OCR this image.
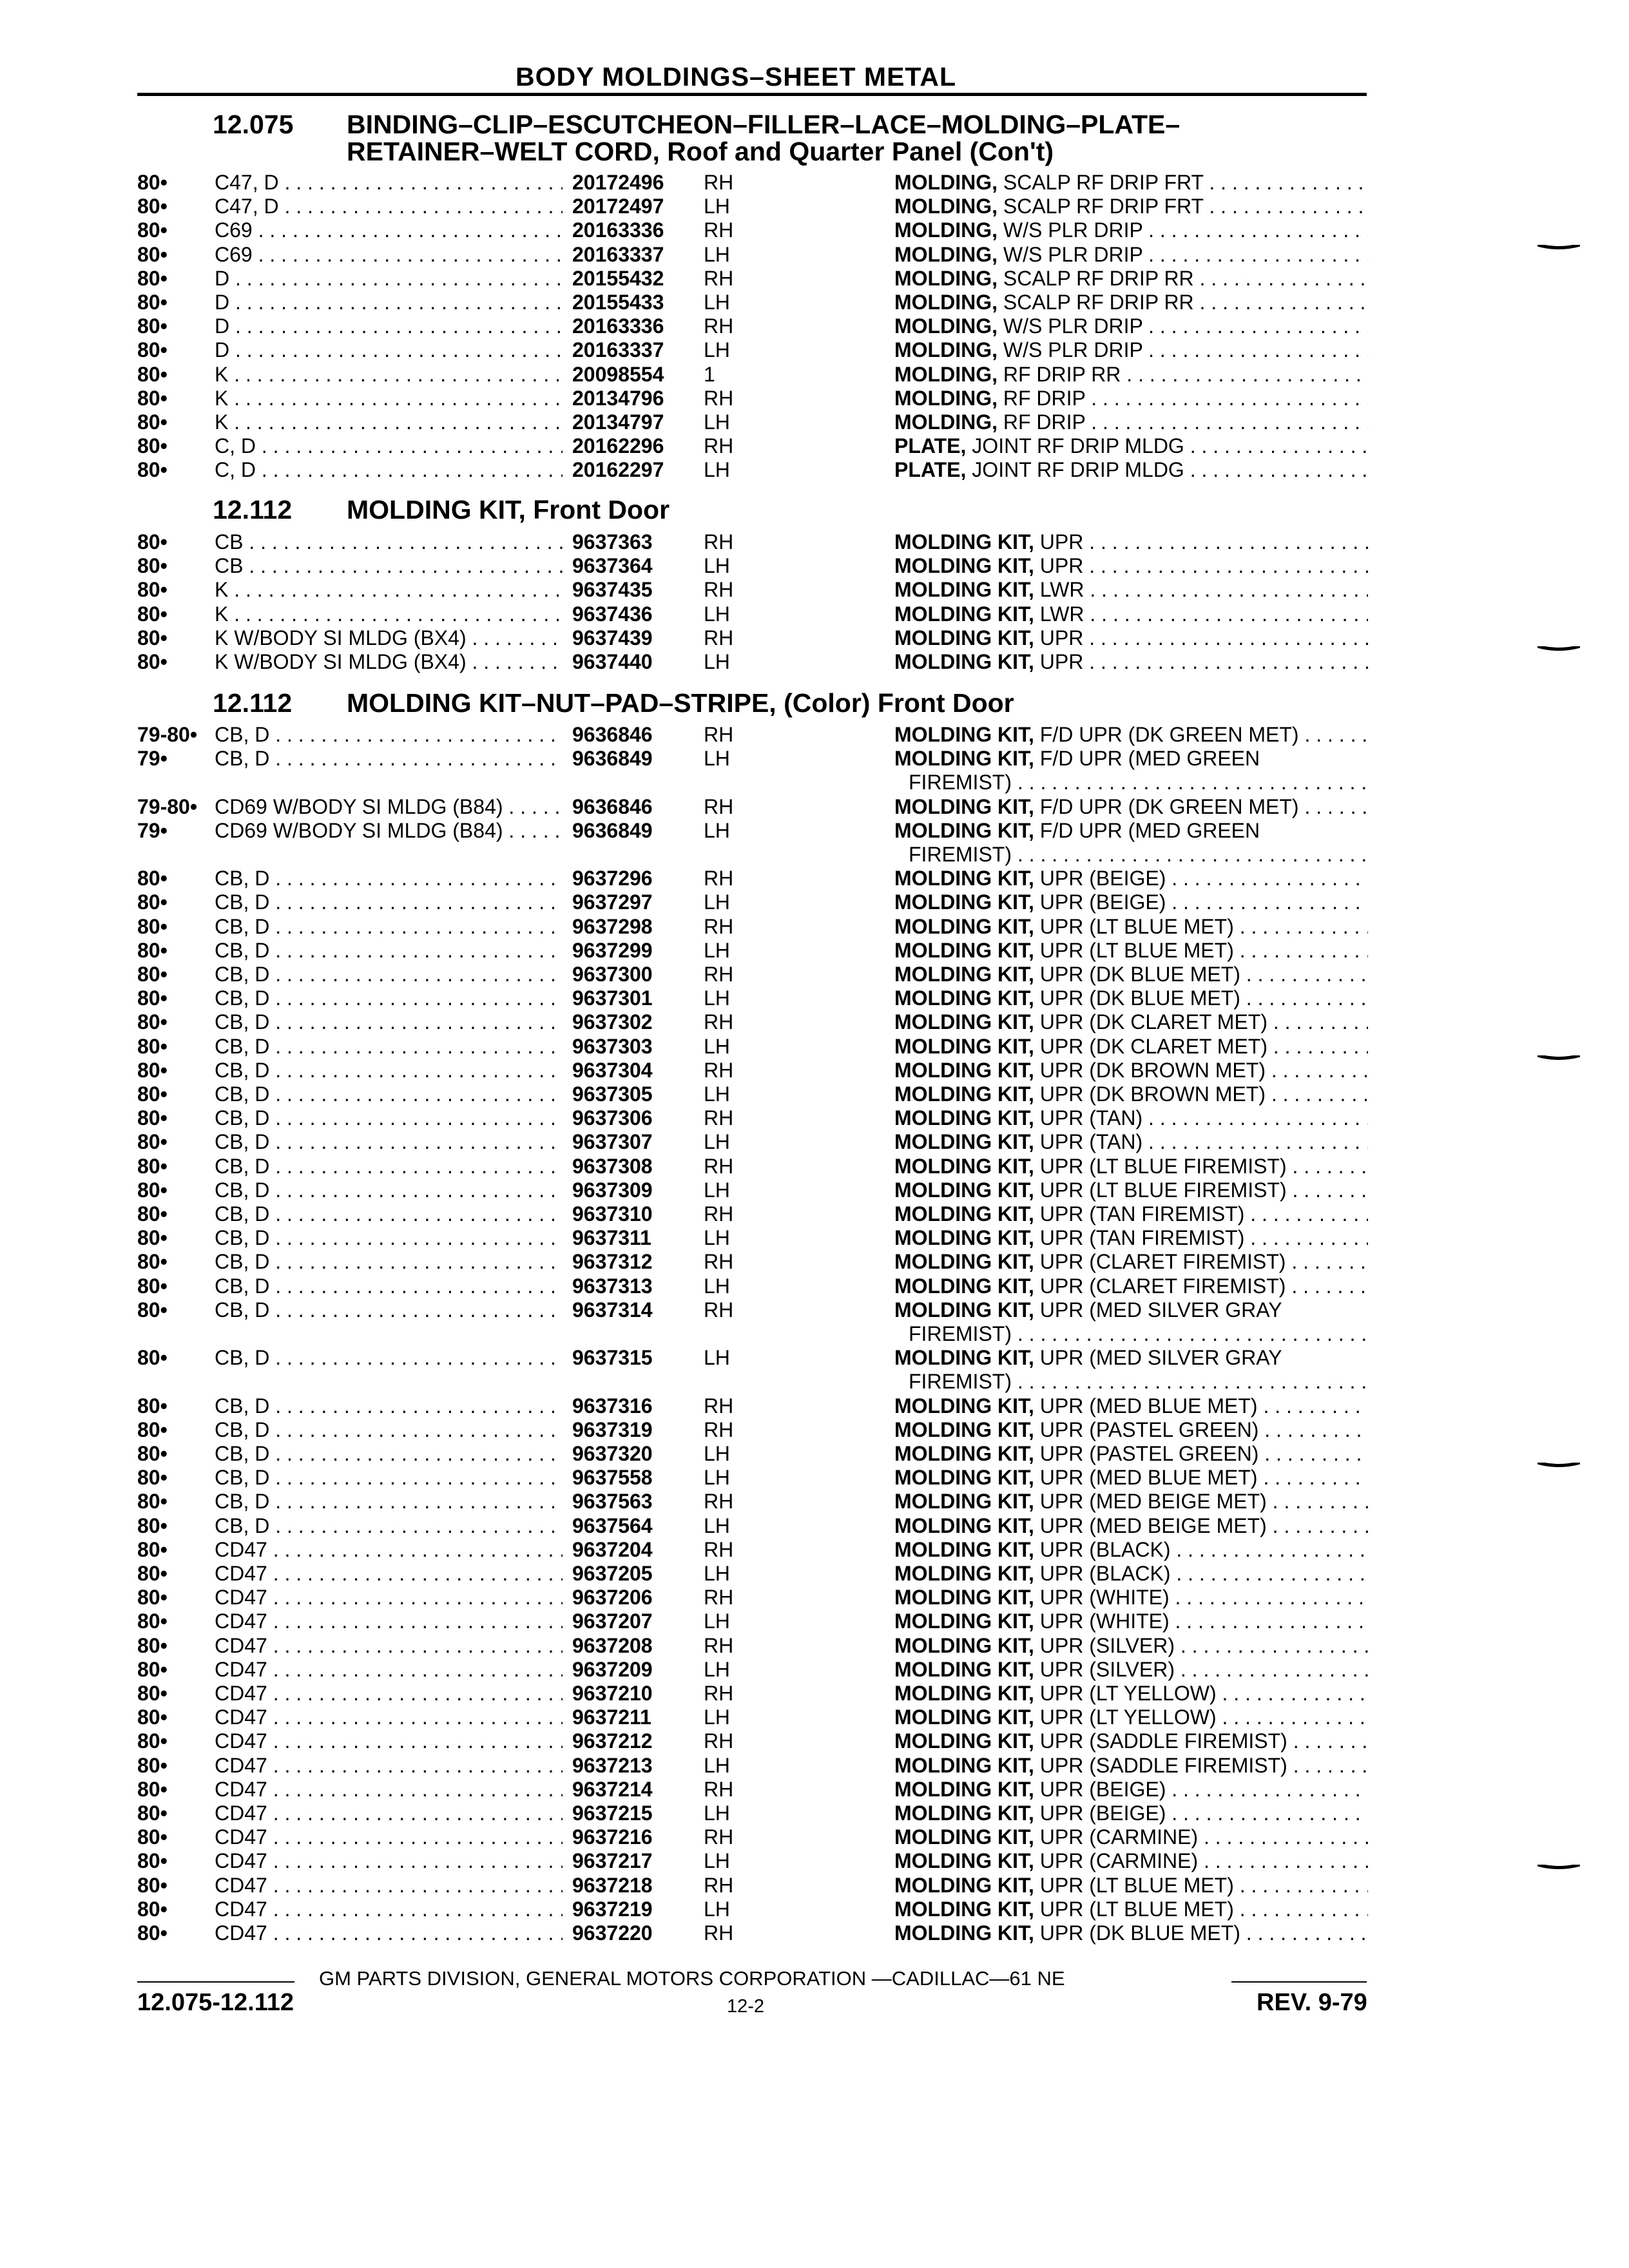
BODY MOLDINGS–SHEET METAL
12.075 BINDING–CLIP–ESCUTCHEON–FILLER–LACE–MOLDING–PLATE–
RETAINER–WELT CORD, Roof and Quarter Panel (Con't)
80• C47, D . . .	20172496 RH	MOLDING, SCALP RF DRIP FRT . . .
80• C47, D . . .	20172497 LH	MOLDING, SCALP RF DRIP FRT . . .
80• C69 . . .	20163336 RH	MOLDING, W/S PLR DRIP . . .
80• C69 . . .	20163337 LH	MOLDING, W/S PLR DRIP . . .
80• D . . .	20155432 RH	MOLDING, SCALP RF DRIP RR . . .
80• D . . .	20155433 LH	MOLDING, SCALP RF DRIP RR . . .
80• D . . .	20163336 RH	MOLDING, W/S PLR DRIP . . .
80• D . . .	20163337 LH	MOLDING, W/S PLR DRIP . . .
80• K . . .	20098554 1	MOLDING, RF DRIP RR . . .
80• K . . .	20134796 RH	MOLDING, RF DRIP . . .
80• K . . .	20134797 LH	MOLDING, RF DRIP . . .
80• C, D . . .	20162296 RH	PLATE, JOINT RF DRIP MLDG . . .
80• C, D . . .	20162297 LH	PLATE, JOINT RF DRIP MLDG . . .
12.112 MOLDING KIT, Front Door
80• CB . . .	9637363 RH	MOLDING KIT, UPR . . .
80• CB . . .	9637364 LH	MOLDING KIT, UPR . . .
80• K . . .	9637435 RH	MOLDING KIT, LWR . . .
80• K . . .	9637436 LH	MOLDING KIT, LWR . . .
80• K W/BODY SI MLDG (BX4) . . .	9637439 RH	MOLDING KIT, UPR . . .
80• K W/BODY SI MLDG (BX4) . . .	9637440 LH	MOLDING KIT, UPR . . .
12.112 MOLDING KIT–NUT–PAD–STRIPE, (Color) Front Door
79-80• CB, D . . .	9636846 RH	MOLDING KIT, F/D UPR (DK GREEN MET) . . .
79• CB, D . . .	9636849 LH	MOLDING KIT, F/D UPR (MED GREEN
FIREMIST) . . .
79-80• CD69 W/BODY SI MLDG (B84) . . .	9636846 RH	MOLDING KIT, F/D UPR (DK GREEN MET) . . .
79• CD69 W/BODY SI MLDG (B84) . . .	9636849 LH	MOLDING KIT, F/D UPR (MED GREEN
FIREMIST) . . .
80• CB, D . . .	9637296 RH	MOLDING KIT, UPR (BEIGE) . . .
80• CB, D . . .	9637297 LH	MOLDING KIT, UPR (BEIGE) . . .
80• CB, D . . .	9637298 RH	MOLDING KIT, UPR (LT BLUE MET) . . .
80• CB, D . . .	9637299 LH	MOLDING KIT, UPR (LT BLUE MET) . . .
80• CB, D . . .	9637300 RH	MOLDING KIT, UPR (DK BLUE MET) . . .
80• CB, D . . .	9637301 LH	MOLDING KIT, UPR (DK BLUE MET) . . .
80• CB, D . . .	9637302 RH	MOLDING KIT, UPR (DK CLARET MET) . . .
80• CB, D . . .	9637303 LH	MOLDING KIT, UPR (DK CLARET MET) . . .
80• CB, D . . .	9637304 RH	MOLDING KIT, UPR (DK BROWN MET) . . .
80• CB, D . . .	9637305 LH	MOLDING KIT, UPR (DK BROWN MET) . . .
80• CB, D . . .	9637306 RH	MOLDING KIT, UPR (TAN) . . .
80• CB, D . . .	9637307 LH	MOLDING KIT, UPR (TAN) . . .
80• CB, D . . .	9637308 RH	MOLDING KIT, UPR (LT BLUE FIREMIST) . . .
80• CB, D . . .	9637309 LH	MOLDING KIT, UPR (LT BLUE FIREMIST) . . .
80• CB, D . . .	9637310 RH	MOLDING KIT, UPR (TAN FIREMIST) . . .
80• CB, D . . .	9637311	LH	MOLDING KIT, UPR (TAN FIREMIST) . . .
80• CB, D . . .	9637312 RH	MOLDING KIT, UPR (CLARET FIREMIST) . . .
80• CB, D . . .	9637313 LH	MOLDING KIT, UPR (CLARET FIREMIST) . . .
80• CB, D . . .	9637314 RH	MOLDING KIT, UPR (MED SILVER GRAY
FIREMIST) . . .
80• CB, D . . .	9637315 LH	MOLDING KIT, UPR (MED SILVER GRAY
FIREMIST) . . .
80• CB, D . . .	9637316 RH	MOLDING KIT, UPR (MED BLUE MET) . . .
80• CB, D . . .	9637319 RH	MOLDING KIT, UPR (PASTEL GREEN) . . .
80• CB, D . . .	9637320 LH	MOLDING KIT, UPR (PASTEL GREEN) . . .
80• CB, D . . .	9637558 LH	MOLDING KIT, UPR (MED BLUE MET) . . .
80• CB, D . . .	9637563 RH	MOLDING KIT, UPR (MED BEIGE MET) . . .
80• CB, D . . .	9637564 LH	MOLDING KIT, UPR (MED BEIGE MET) . . .
80• CD47 . . .	9637204 RH	MOLDING KIT, UPR (BLACK) . . .
80• CD47 . . .	9637205 LH	MOLDING KIT, UPR (BLACK) . . .
80• CD47 . . .	9637206 RH	MOLDING KIT, UPR (WHITE) . . .
80• CD47 . . .	9637207 LH	MOLDING KIT, UPR (WHITE) . . .
80• CD47 . . .	9637208 RH	MOLDING KIT, UPR (SILVER) . . .
80• CD47 . . .	9637209 LH	MOLDING KIT, UPR (SILVER) . . .
80• CD47 . . .	9637210 RH	MOLDING KIT, UPR (LT YELLOW) . . .
80• CD47 . . .	9637211	LH	MOLDING KIT, UPR (LT YELLOW) . . .
80• CD47 . . .	9637212 RH	MOLDING KIT, UPR (SADDLE FIREMIST) . . .
80• CD47 . . .	9637213 LH	MOLDING KIT, UPR (SADDLE FIREMIST) . . .
80• CD47 . . .	9637214 RH	MOLDING KIT, UPR (BEIGE) . . .
80• CD47 . . .	9637215 LH	MOLDING KIT, UPR (BEIGE) . . .
80• CD47 . . .	9637216 RH	MOLDING KIT, UPR (CARMINE) . . .
80• CD47 . . .	9637217 LH	MOLDING KIT, UPR (CARMINE) . . .
80• CD47 . . .	9637218 RH	MOLDING KIT, UPR (LT BLUE MET) . . .
80• CD47 . . .	9637219 LH	MOLDING KIT, UPR (LT BLUE MET) . . .
80• CD47 . . .	9637220 RH	MOLDING KIT, UPR (DK BLUE MET) . . .
GM PARTS DIVISION, GENERAL MOTORS CORPORATION —CADILLAC—61 NE
12.075-12.112	12-2	REV. 9-79
